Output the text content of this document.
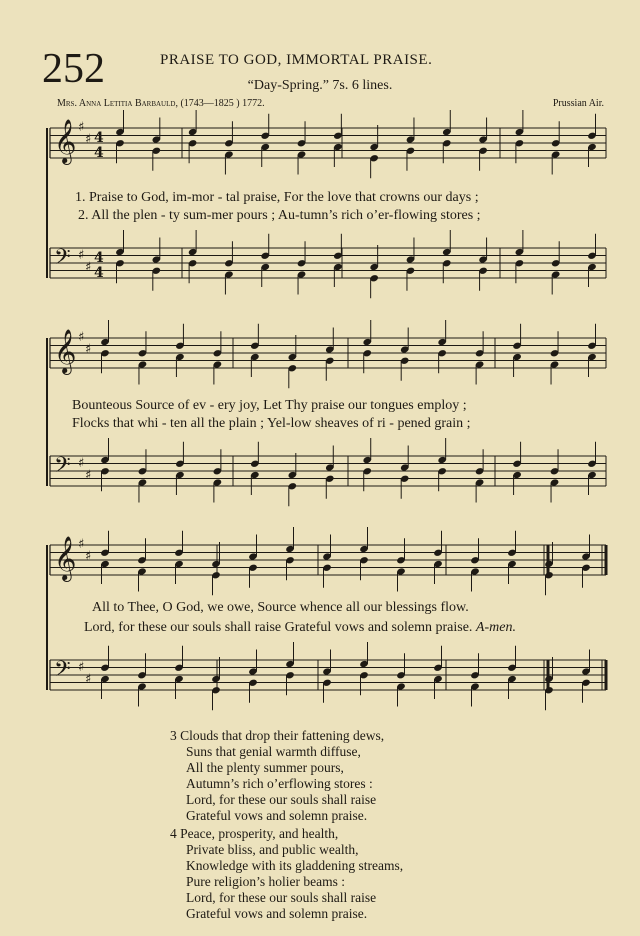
252	PRAISE TO GOD, IMMORTAL PRAISE.
“Day-Spring.” 7s. 6 lines.
Mrs. Anna Letitia Barbauld, (1743—1825 ) 1772.	Prussian Air.
𝄞 ♯
♯ 4
4
𝄢 ♯
♯
4
4
𝄞 ♯
♯
𝄢 ♯
♯
𝄞 ♯
♯
𝄢 ♯
♯
1. Praise to God, im-mor - tal praise, For the love that crowns our days ;
2. All the plen - ty sum-mer pours ; Au-tumn’s rich o’er-flowing stores ;
Bounteous Source of ev - ery joy, Let Thy praise our tongues employ ;
Flocks that whi - ten all the plain ; Yel-low sheaves of ri - pened grain ;
All to Thee, O God, we owe, Source whence all our blessings flow.
Lord, for these our souls shall raise Grateful vows and solemn praise. A-men.
3 Clouds that drop their fattening dews,
Suns that genial warmth diffuse,
All the plenty summer pours,
Autumn’s rich o’erflowing stores :
Lord, for these our souls shall raise
Grateful vows and solemn praise.
4 Peace, prosperity, and health,
Private bliss, and public wealth,
Knowledge with its gladdening streams,
Pure religion’s holier beams :
Lord, for these our souls shall raise
Grateful vows and solemn praise.
